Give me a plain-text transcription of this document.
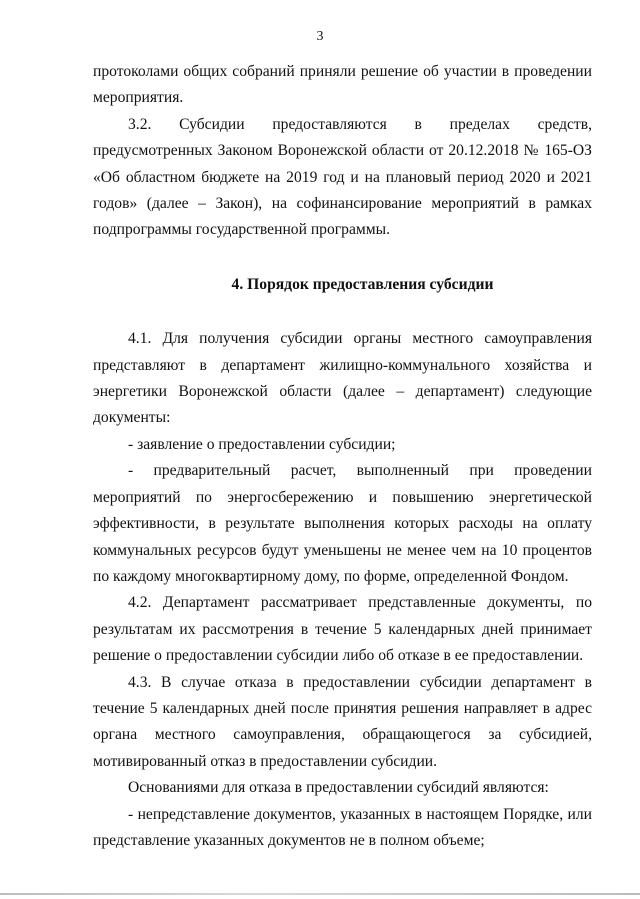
3

протоколами общих собраний приняли решение об участии в проведении мероприятия.

3.2. Субсидии предоставляются в пределах средств, предусмотренных Законом Воронежской области от 20.12.2018 № 165-ОЗ «Об областном бюджете на 2019 год и на плановый период 2020 и 2021 годов» (далее – Закон), на софинансирование мероприятий в рамках подпрограммы государственной программы.

4. Порядок предоставления субсидии

4.1. Для получения субсидии органы местного самоуправления представляют в департамент жилищно-коммунального хозяйства и энергетики Воронежской области (далее – департамент) следующие документы:

- заявление о предоставлении субсидии;

- предварительный расчет, выполненный при проведении мероприятий по энергосбережению и повышению энергетической эффективности, в результате выполнения которых расходы на оплату коммунальных ресурсов будут уменьшены не менее чем на 10 процентов по каждому многоквартирному дому, по форме, определенной Фондом.

4.2. Департамент рассматривает представленные документы, по результатам их рассмотрения в течение 5 календарных дней принимает решение о предоставлении субсидии либо об отказе в ее предоставлении.

4.3. В случае отказа в предоставлении субсидии департамент в течение 5 календарных дней после принятия решения направляет в адрес органа местного самоуправления, обращающегося за субсидией, мотивированный отказ в предоставлении субсидии.

Основаниями для отказа в предоставлении субсидий являются:

- непредставление документов, указанных в настоящем Порядке, или представление указанных документов не в полном объеме;
